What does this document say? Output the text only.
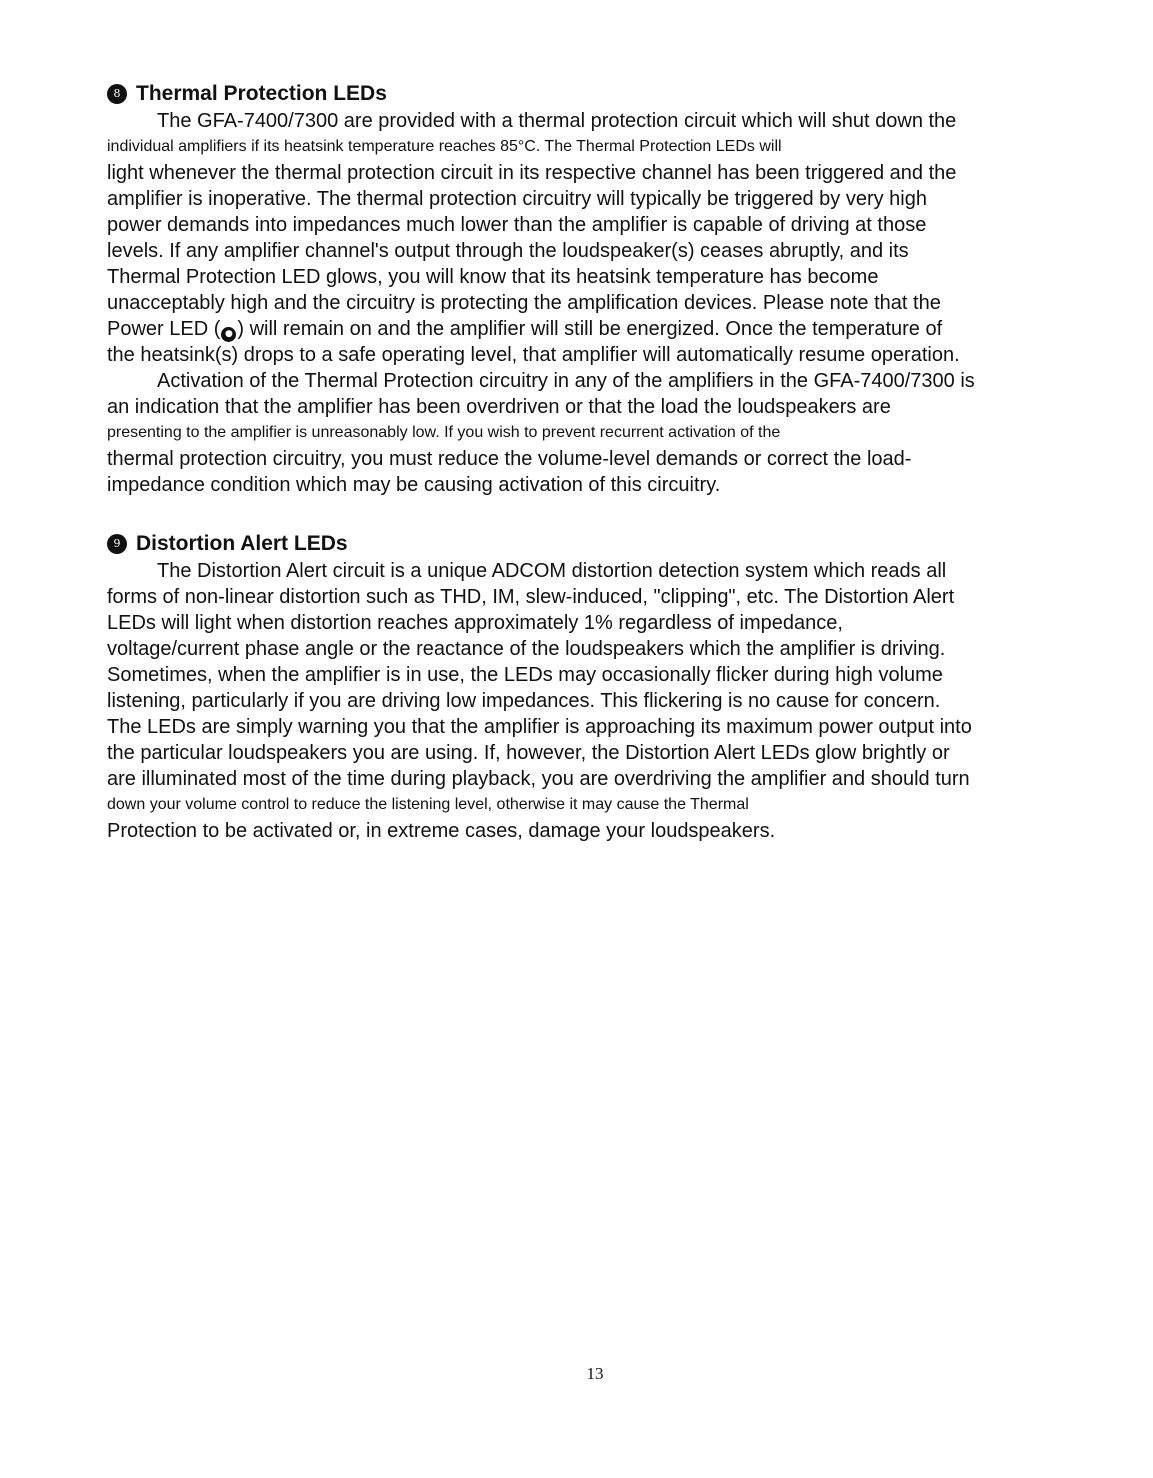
8 Thermal Protection LEDs
The GFA-7400/7300 are provided with a thermal protection circuit which will shut down the
individual amplifiers if its heatsink temperature reaches 85°C. The Thermal Protection LEDs will
light whenever the thermal protection circuit in its respective channel has been triggered and the
amplifier is inoperative. The thermal protection circuitry will typically be triggered by very high
power demands into impedances much lower than the amplifier is capable of driving at those
levels. If any amplifier channel's output through the loudspeaker(s) ceases abruptly, and its
Thermal Protection LED glows, you will know that its heatsink temperature has become
unacceptably high and the circuitry is protecting the amplification devices. Please note that the
Power LED ( ● ) will remain on and the amplifier will still be energized. Once the temperature of
the heatsink(s) drops to a safe operating level, that amplifier will automatically resume operation.
Activation of the Thermal Protection circuitry in any of the amplifiers in the GFA-7400/7300 is
an indication that the amplifier has been overdriven or that the load the loudspeakers are
presenting to the amplifier is unreasonably low. If you wish to prevent recurrent activation of the
thermal protection circuitry, you must reduce the volume-level demands or correct the load-
impedance condition which may be causing activation of this circuitry.
9 Distortion Alert LEDs
The Distortion Alert circuit is a unique ADCOM distortion detection system which reads all
forms of non-linear distortion such as THD, IM, slew-induced, "clipping", etc. The Distortion Alert
LEDs will light when distortion reaches approximately 1% regardless of impedance,
voltage/current phase angle or the reactance of the loudspeakers which the amplifier is driving.
Sometimes, when the amplifier is in use, the LEDs may occasionally flicker during high volume
listening, particularly if you are driving low impedances. This flickering is no cause for concern.
The LEDs are simply warning you that the amplifier is approaching its maximum power output into
the particular loudspeakers you are using. If, however, the Distortion Alert LEDs glow brightly or
are illuminated most of the time during playback, you are overdriving the amplifier and should turn
down your volume control to reduce the listening level, otherwise it may cause the Thermal
Protection to be activated or, in extreme cases, damage your loudspeakers.
13
